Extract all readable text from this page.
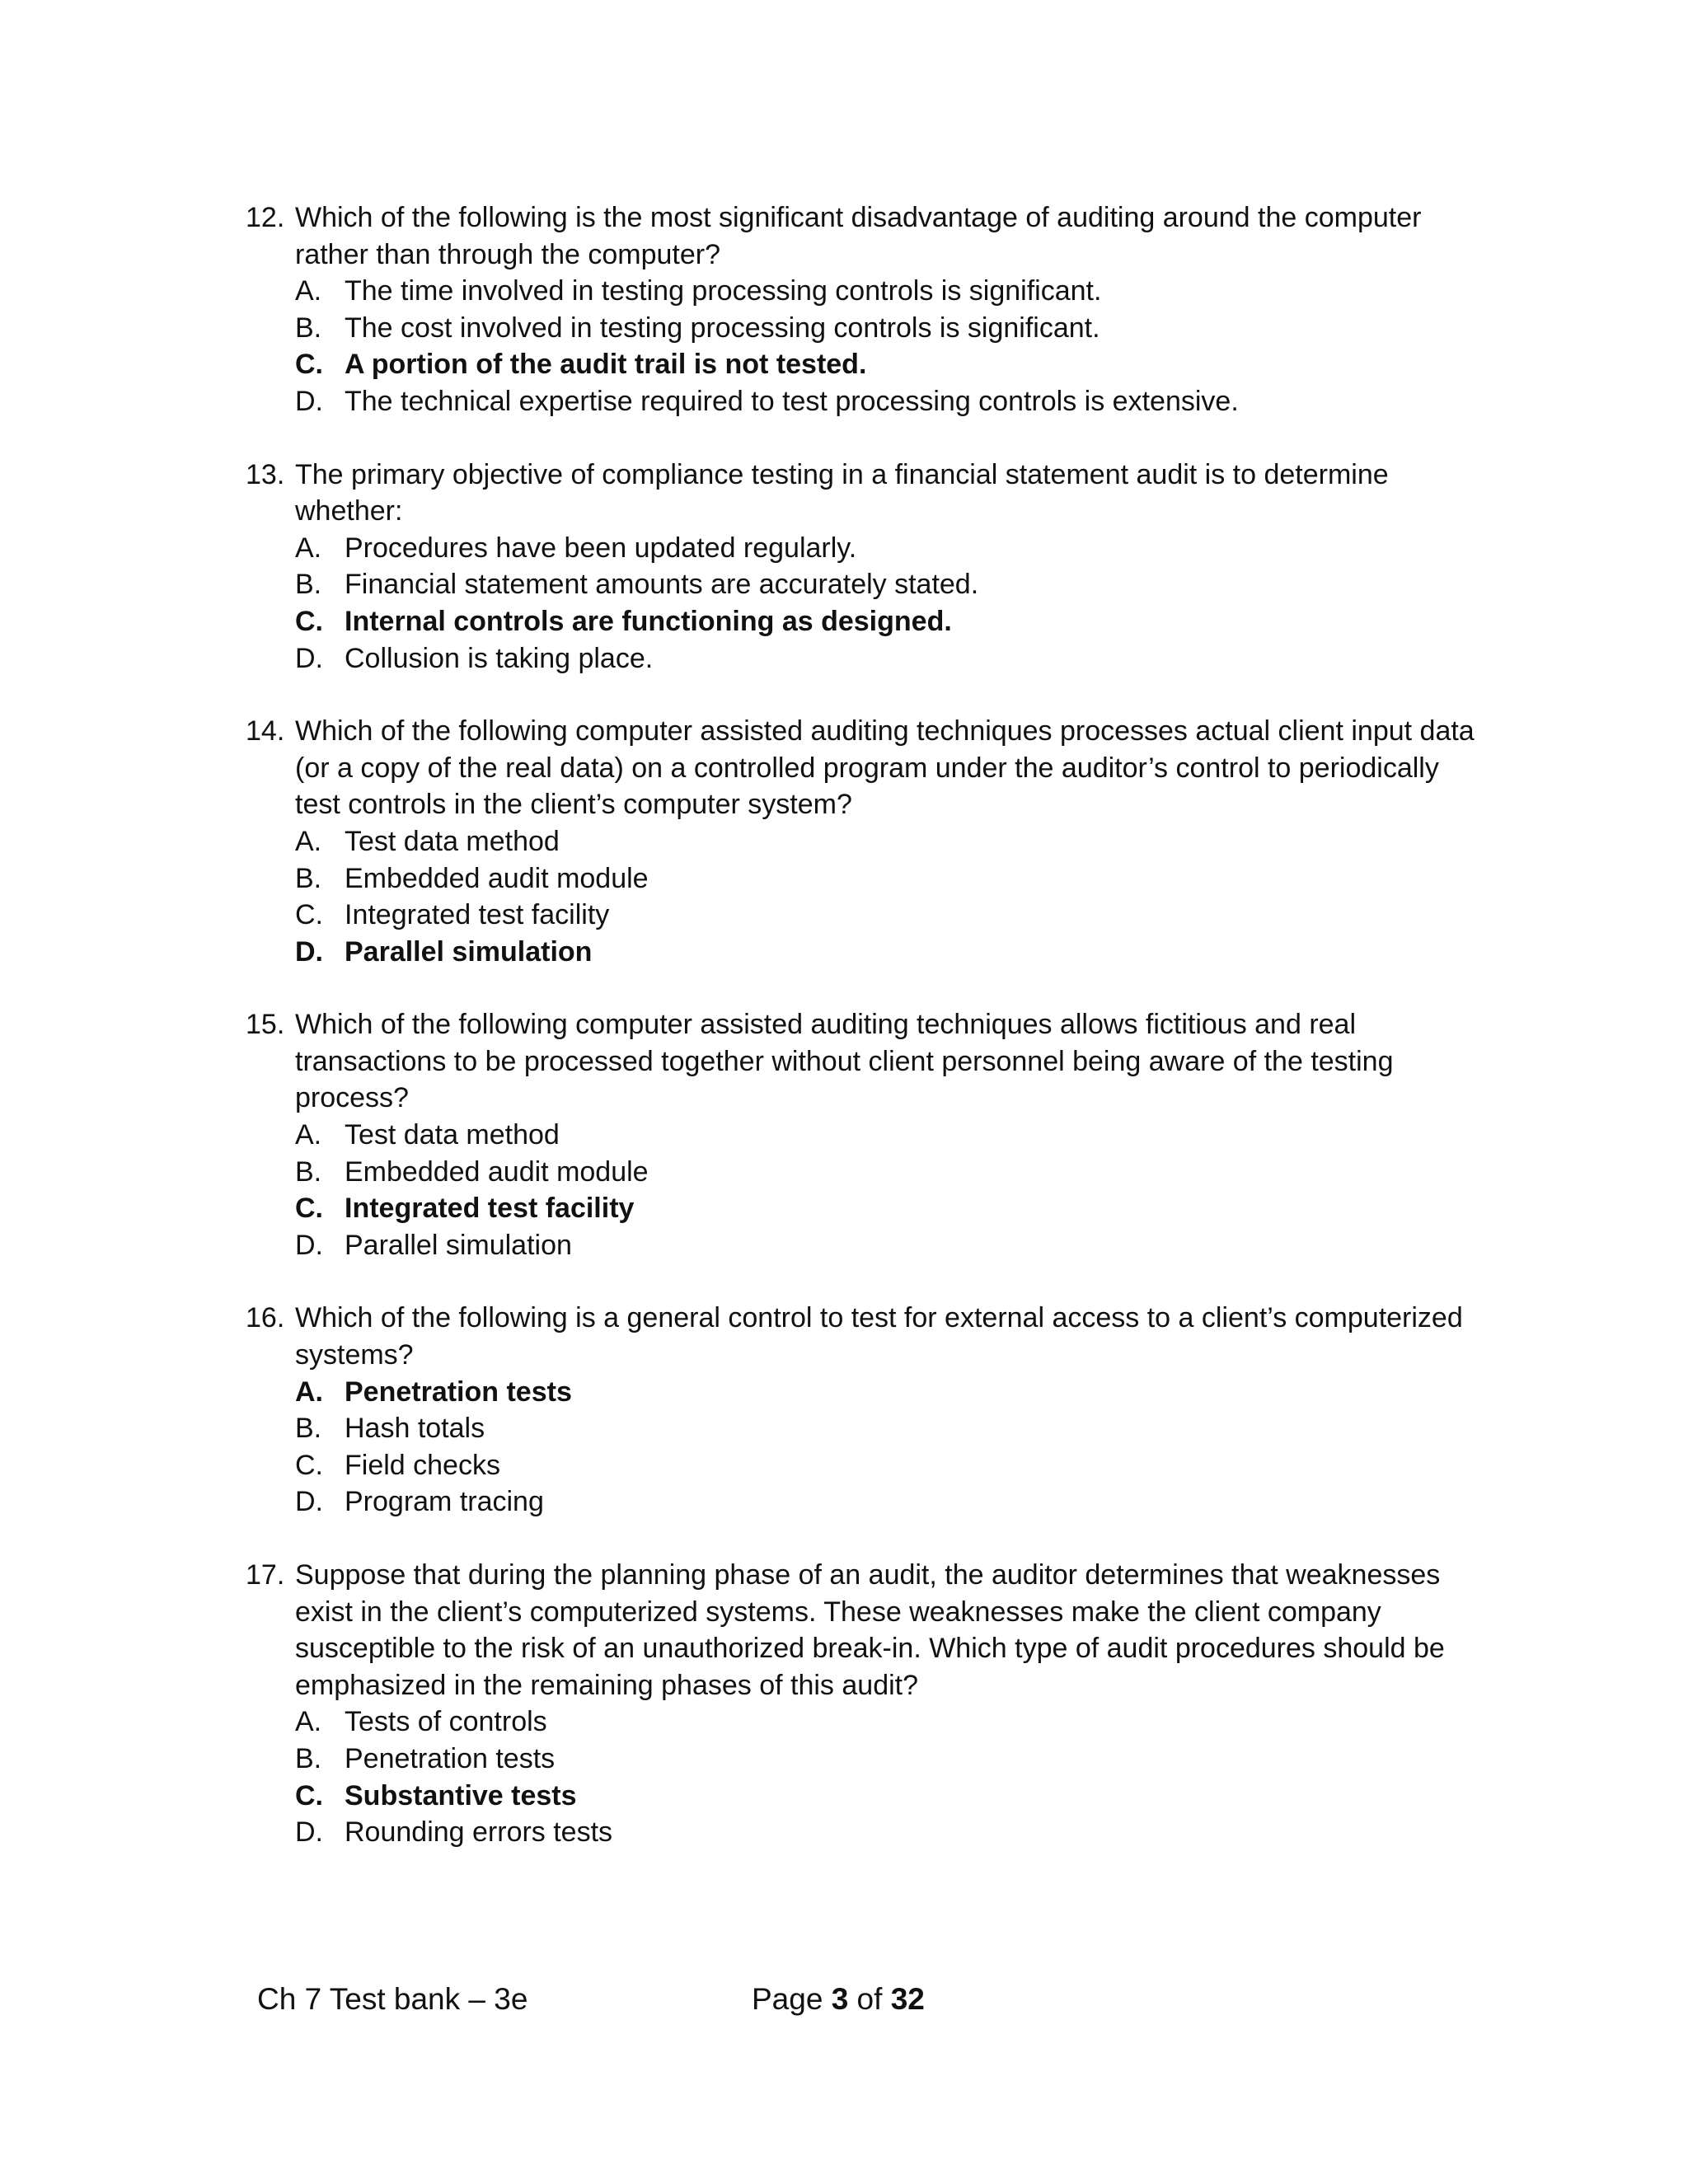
12. Which of the following is the most significant disadvantage of auditing around the computer rather than through the computer?
A. The time involved in testing processing controls is significant.
B. The cost involved in testing processing controls is significant.
C. A portion of the audit trail is not tested.
D. The technical expertise required to test processing controls is extensive.
13. The primary objective of compliance testing in a financial statement audit is to determine whether:
A. Procedures have been updated regularly.
B. Financial statement amounts are accurately stated.
C. Internal controls are functioning as designed.
D. Collusion is taking place.
14. Which of the following computer assisted auditing techniques processes actual client input data (or a copy of the real data) on a controlled program under the auditor’s control to periodically test controls in the client’s computer system?
A. Test data method
B. Embedded audit module
C. Integrated test facility
D. Parallel simulation
15. Which of the following computer assisted auditing techniques allows fictitious and real transactions to be processed together without client personnel being aware of the testing process?
A. Test data method
B. Embedded audit module
C. Integrated test facility
D. Parallel simulation
16. Which of the following is a general control to test for external access to a client’s computerized systems?
A. Penetration tests
B. Hash totals
C. Field checks
D. Program tracing
17. Suppose that during the planning phase of an audit, the auditor determines that weaknesses exist in the client’s computerized systems. These weaknesses make the client company susceptible to the risk of an unauthorized break-in. Which type of audit procedures should be emphasized in the remaining phases of this audit?
A. Tests of controls
B. Penetration tests
C. Substantive tests
D. Rounding errors tests
Ch 7 Test bank – 3e	Page 3 of 32
